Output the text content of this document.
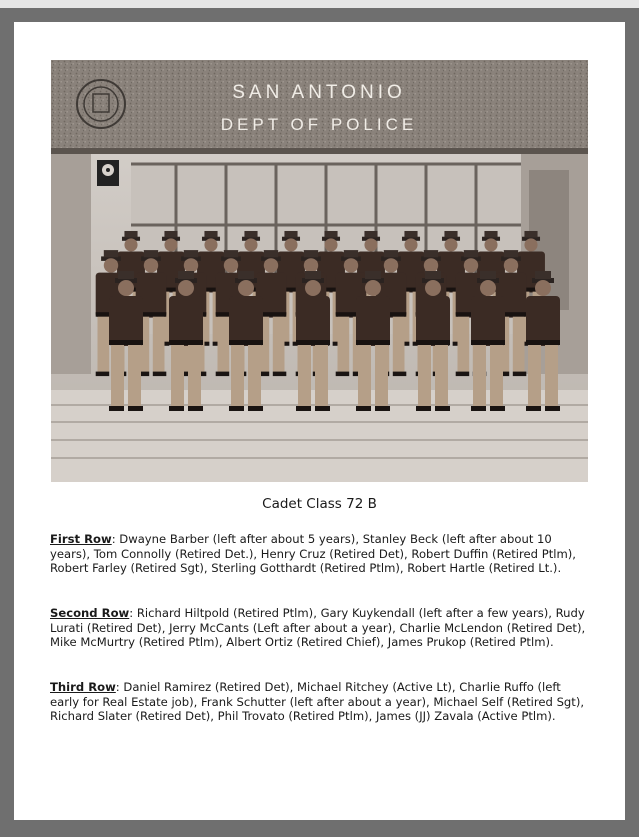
SAN ANTONIO
DEPT OF POLICE
Cadet Class 72 B
First Row: Dwayne Barber (left after about 5 years), Stanley Beck (left after about 10 years), Tom Connolly (Retired Det.), Henry Cruz (Retired Det), Robert Duffin (Retired Ptlm), Robert Farley (Retired Sgt), Sterling Gotthardt (Retired Ptlm), Robert Hartle (Retired Lt.).
Second Row: Richard Hiltpold (Retired Ptlm), Gary Kuykendall (left after a few years), Rudy Lurati (Retired Det), Jerry McCants (Left after about a year), Charlie McLendon (Retired Det), Mike McMurtry (Retired Ptlm), Albert Ortiz (Retired Chief), James Prukop (Retired Ptlm).
Third Row: Daniel Ramirez (Retired Det), Michael Ritchey (Active Lt), Charlie Ruffo (left early for Real Estate job), Frank Schutter (left after about a year), Michael Self (Retired Sgt), Richard Slater (Retired Det), Phil Trovato (Retired Ptlm), James (JJ) Zavala (Active Ptlm).
